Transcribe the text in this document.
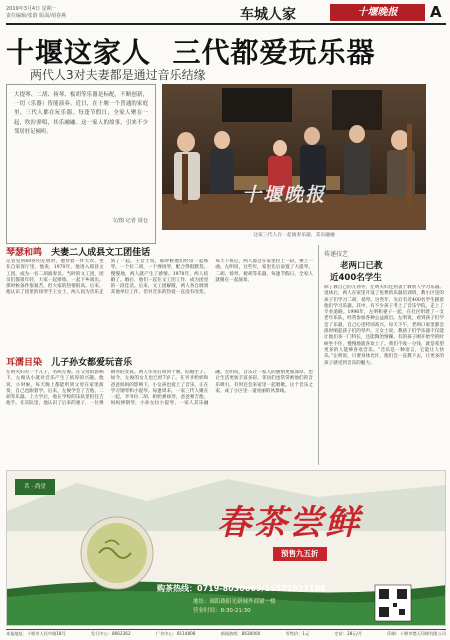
2019年3月4日 星期一
责任编辑/张晗 版面/胡春燕	车城人家	十堰晚报	A
十堰这家人  三代都爱玩乐器
两代人3对夫妻都是通过音乐结缘
大提琴、二胡、扬琴、板胡等乐器是标配，不断创新，一切（乐器）皆能演奏。近日，在十堰一个普通的家庭里，三代人都在玩乐器。每逢节假日，全家人聚在一起，吹拉弹唱，其乐融融。这一家人的故事，引来不少邻居驻足倾听。
文/图 记者 周仓
十堰晚报
这家三代人在一起演奏乐器，其乐融融
琴瑟和鸣 夫妻二人成县文工团佳话
记者见到69岁的左明时，他穿着一件大衣，坐在自家客厅里。他说，1970年，他进入郧县文工团，成为一名二胡演奏员。当时的文工团，团员们都很年轻，大家一起排练，一起下乡演出。那时候条件很艰苦，但大家的热情很高。后来，他认识了团里的扬琴手王女士，两人因为音乐走到了一起。王女士说，那时候他们经常一起练琴，一个拉二胡，一个弹扬琴，配合得很默契。慢慢地，两人就产生了感情。1978年，两人结婚了。婚后，他们一起在文工团工作，成为团里的一段佳话。后来，文工团解散，两人各自调到其他单位工作，但对音乐的热爱一直没有改变。每天下班后，两人都会在家里拉上一段，弹上一曲。左明说，这些年，家里先后添置了大提琴、二胡、扬琴、板胡等乐器，每逢节假日，全家人就聚在一起演奏。
耳濡目染 儿子孙女都爱玩音乐
左明夫妇有一个儿子，名叫左俊。在父母的影响下，左俊从小就对音乐产生了浓厚的兴趣。他说，小时候，每天晚上都能听到父母在家里演奏，自己也跟着学。后来，左俊学会了吉他、二胡等乐器。上大学后，他在学校的乐队里担任吉他手。在乐队里，他认识了后来的妻子，一位弹钢琴的女孩。两人毕业后回到十堰，结婚生子。如今，左俊的女儿也已经7岁了。在爷爷奶奶和爸爸妈妈的影响下，小女孩也爱上了音乐，正在学习钢琴和小提琴。每逢周末，一家三代人聚在一起，爷爷拉二胡，奶奶弹扬琴，爸爸弹吉他，妈妈弹钢琴，小孙女拉小提琴，一家人其乐融融。左明说，音乐让一家人的感情更加深厚，也让生活更加丰富多彩。邻居们也常常被他们的音乐吸引，有时还会来家里一起唱歌。这个音乐之家，成了小区里一道亮丽的风景线。
传递技艺
老两口已教
近400名学生
除了教自己的儿孙外，左明夫妇还热衷于教别人学习乐器。退休后，两人在家里开设了免费的乐器培训班，教小区里的孩子们学习二胡、扬琴。这些年，先后有近400名学生跟着他们学习乐器。其中，有不少孩子考上了音乐学院，走上了专业道路。1996年，左明和妻子一起，在社区组建了一支老年乐队，经常参加各种公益演出。左明说，看到孩子们学会了乐器，自己心里特别高兴。每天下午，老两口家里都会准时响起孩子们的琴声。王女士说，教孩子们学乐器不仅能让他们多一门特长，还能陶冶情操。有的孩子刚开始学的时候坐不住，慢慢地就喜欢上了。我们不收一分钱，就是希望更多的人能够喜欢音乐。“音乐是一种语言，它能让人快乐。”左明说，只要身体允许，他们会一直教下去，让更多的孩子感受到音乐的魅力。
茗 · 尚堂
春茶尝鲜
预售九五折
购茶热线：0719-8030069/15571977108
地址：郧阳路阳光新城外商铺一楼
营业时间：8:30-21:30
本报地址：十堰市人民中路18号	发行中心：8662362	广告中心：8114808	新闻热线：8630000	零售价：1元	定价：28元/月	印刷：十堰市楚天印刷有限公司
